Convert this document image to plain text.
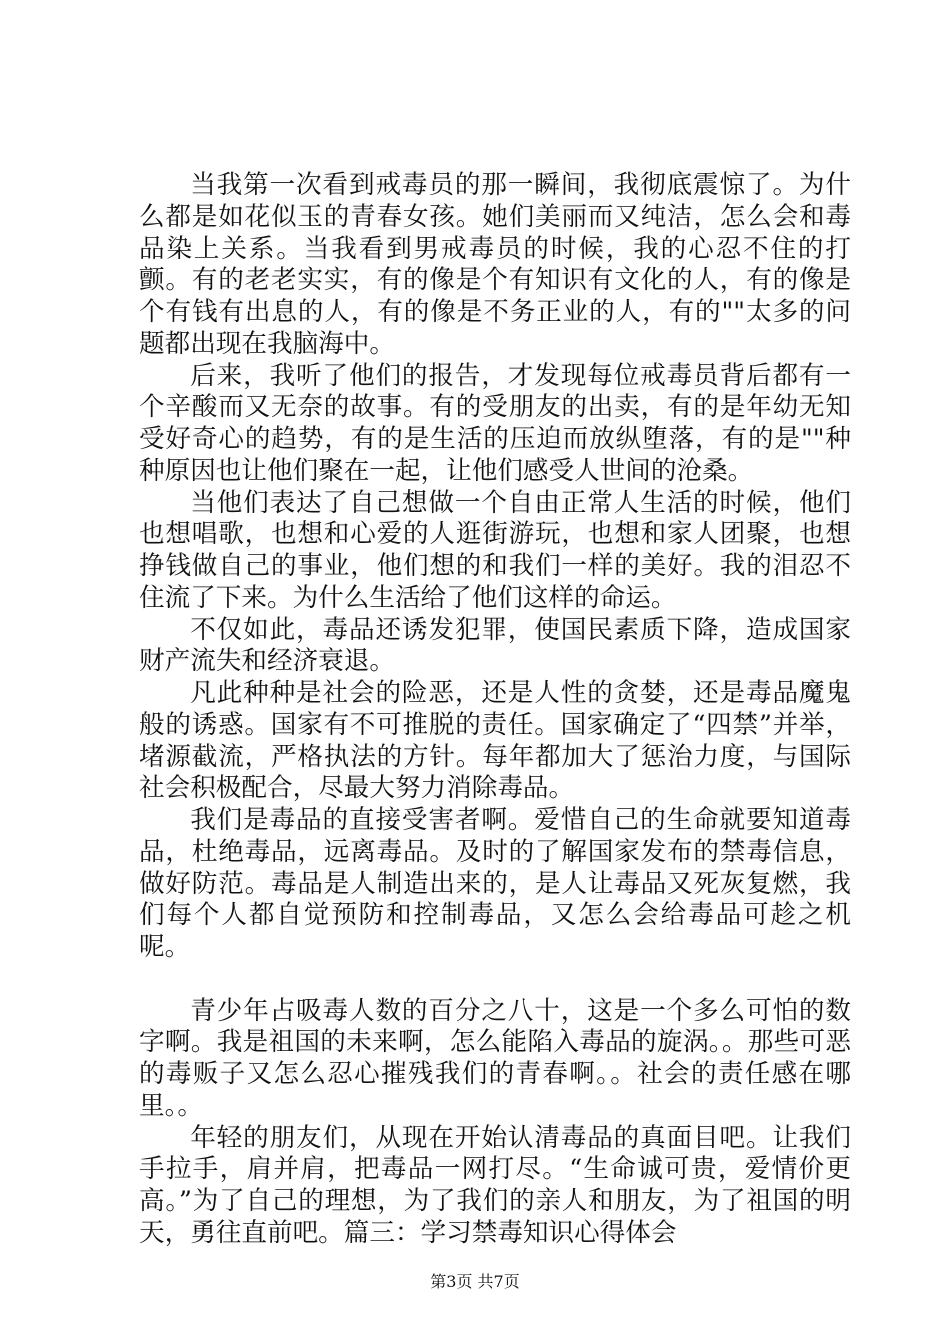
当我第一次看到戒毒员的那一瞬间，我彻底震惊了。为什么都是如花似玉的青春女孩。她们美丽而又纯洁，怎么会和毒品染上关系。当我看到男戒毒员的时候，我的心忍不住的打颤。有的老老实实，有的像是个有知识有文化的人，有的像是个有钱有出息的人，有的像是不务正业的人，有的""太多的问题都出现在我脑海中。

后来，我听了他们的报告，才发现每位戒毒员背后都有一个辛酸而又无奈的故事。有的受朋友的出卖，有的是年幼无知受好奇心的趋势，有的是生活的压迫而放纵堕落，有的是""种种原因也让他们聚在一起，让他们感受人世间的沧桑。

当他们表达了自己想做一个自由正常人生活的时候，他们也想唱歌，也想和心爱的人逛街游玩，也想和家人团聚，也想挣钱做自己的事业，他们想的和我们一样的美好。我的泪忍不住流了下来。为什么生活给了他们这样的命运。

不仅如此，毒品还诱发犯罪，使国民素质下降，造成国家财产流失和经济衰退。

凡此种种是社会的险恶，还是人性的贪婪，还是毒品魔鬼般的诱惑。国家有不可推脱的责任。国家确定了“四禁”并举，堵源截流，严格执法的方针。每年都加大了惩治力度，与国际社会积极配合，尽最大努力消除毒品。

我们是毒品的直接受害者啊。爱惜自己的生命就要知道毒品，杜绝毒品，远离毒品。及时的了解国家发布的禁毒信息，做好防范。毒品是人制造出来的，是人让毒品又死灰复燃，我们每个人都自觉预防和控制毒品，又怎么会给毒品可趁之机呢。

青少年占吸毒人数的百分之八十，这是一个多么可怕的数字啊。我是祖国的未来啊，怎么能陷入毒品的旋涡。。那些可恶的毒贩子又怎么忍心摧残我们的青春啊。。社会的责任感在哪里。。

年轻的朋友们，从现在开始认清毒品的真面目吧。让我们手拉手，肩并肩，把毒品一网打尽。“生命诚可贵，爱情价更高。”为了自己的理想，为了我们的亲人和朋友，为了祖国的明天，勇往直前吧。篇三：学习禁毒知识心得体会

第3页 共7页
